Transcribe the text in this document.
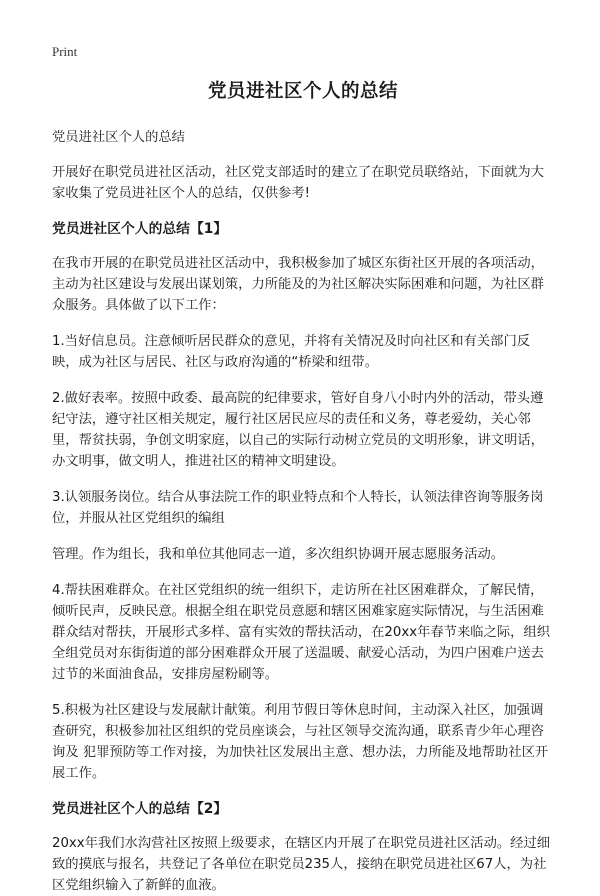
Print
党员进社区个人的总结

党员进社区个人的总结

开展好在职党员进社区活动，社区党支部适时的建立了在职党员联络站，下面就为大家收集了党员进社区个人的总结，仅供参考!

党员进社区个人的总结【1】

在我市开展的在职党员进社区活动中，我积极参加了城区东街社区开展的各项活动，主动为社区建设与发展出谋划策，力所能及的为社区解决实际困难和问题，为社区群众服务。具体做了以下工作：

1.当好信息员。注意倾听居民群众的意见，并将有关情况及时向社区和有关部门反映，成为社区与居民、社区与政府沟通的“桥梁和纽带。

2.做好表率。按照中政委、最高院的纪律要求，管好自身八小时内外的活动，带头遵纪守法，遵守社区相关规定，履行社区居民应尽的责任和义务，尊老爱幼，关心邻里，帮贫扶弱，争创文明家庭，以自己的实际行动树立党员的文明形象，讲文明话，办文明事，做文明人，推进社区的精神文明建设。

3.认领服务岗位。结合从事法院工作的职业特点和个人特长，认领法律咨询等服务岗位，并服从社区党组织的编组

管理。作为组长，我和单位其他同志一道，多次组织协调开展志愿服务活动。

4.帮扶困难群众。在社区党组织的统一组织下，走访所在社区困难群众，了解民情，倾听民声，反映民意。根据全组在职党员意愿和辖区困难家庭实际情况，与生活困难群众结对帮扶，开展形式多样、富有实效的帮扶活动，在20xx年春节来临之际，组织全组党员对东街街道的部分困难群众开展了送温暖、献爱心活动，为四户困难户送去过节的米面油食品，安排房屋粉刷等。

5.积极为社区建设与发展献计献策。利用节假日等休息时间，主动深入社区，加强调查研究，积极参加社区组织的党员座谈会，与社区领导交流沟通，联系青少年心理咨询及 犯罪预防等工作对接，为加快社区发展出主意、想办法，力所能及地帮助社区开展工作。

党员进社区个人的总结【2】

20xx年我们水沟营社区按照上级要求，在辖区内开展了在职党员进社区活动。经过细致的摸底与报名，共登记了各单位在职党员235人，接纳在职党员进社区67人，为社区党组织输入了新鲜的血液。
